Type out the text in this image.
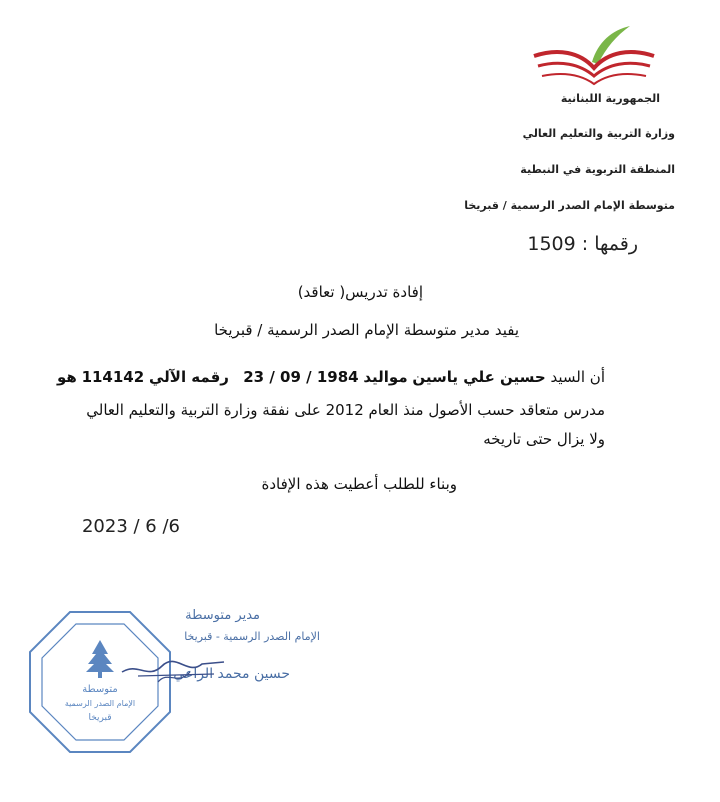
الجمهورية اللبنانية
وزارة التربية والتعليم العالي
المنطقة التربوية في النبطية
متوسطة الإمام الصدر الرسمية / قبريخا
رقمها : 1509
إفادة تدريس( تعاقد)
يفيد مدير متوسطة الإمام الصدر الرسمية / قبريخا
أن السيد حسين علي ياسين مواليد 23 / 09 / 1984   رقمه الآلي 114142 هو
مدرس متعاقد حسب الأصول منذ العام 2012 على نفقة وزارة التربية والتعليم العالي
ولا يزال حتى تاريخه
وبناء للطلب أعطيت هذه الإفادة
2023 / 6 /6
متوسطة
الإمام الصدر الرسمية
قبريخا
مدير متوسطة
الإمام الصدر الرسمية - قبريخا
حسين محمد الراعي
